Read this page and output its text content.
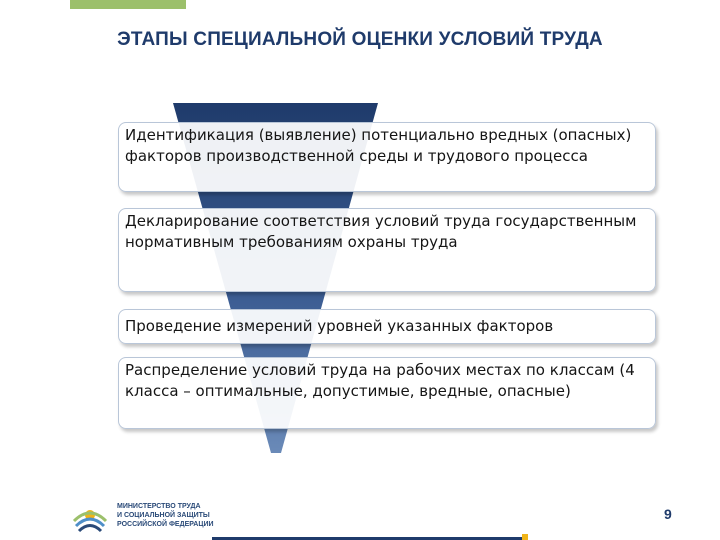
ЭТАПЫ СПЕЦИАЛЬНОЙ ОЦЕНКИ УСЛОВИЙ ТРУДА
Идентификация (выявление) потенциально вредных (опасных) факторов производственной среды и трудового процесса
Декларирование соответствия условий труда государственным нормативным требованиям охраны труда
Проведение измерений уровней указанных факторов
Распределение условий труда на рабочих местах по классам (4 класса – оптимальные, допустимые, вредные, опасные)
МИНИСТЕРСТВО ТРУДА
И СОЦИАЛЬНОЙ ЗАЩИТЫ
РОССИЙСКОЙ ФЕДЕРАЦИИ
9
